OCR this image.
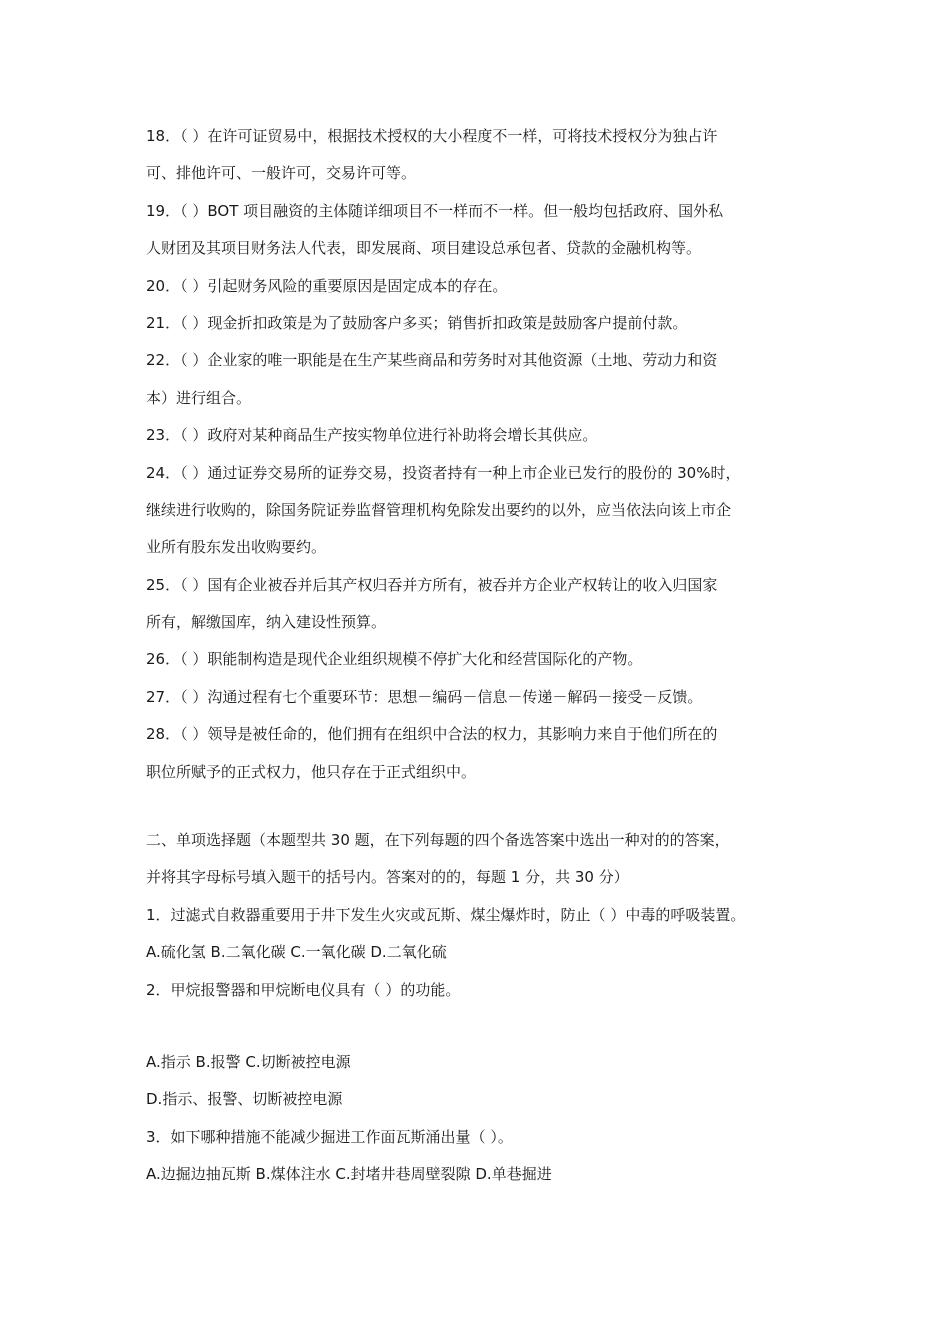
18．（ ）在许可证贸易中，根据技术授权的大小程度不一样，可将技术授权分为独占许
可、排他许可、一般许可，交易许可等。
19．（ ）BOT 项目融资的主体随详细项目不一样而不一样。但一般均包括政府、国外私
人财团及其项目财务法人代表，即发展商、项目建设总承包者、贷款的金融机构等。
20．（ ）引起财务风险的重要原因是固定成本的存在。
21．（ ）现金折扣政策是为了鼓励客户多买；销售折扣政策是鼓励客户提前付款。
22．（ ）企业家的唯一职能是在生产某些商品和劳务时对其他资源（土地、劳动力和资
本）进行组合。
23．（ ）政府对某种商品生产按实物单位进行补助将会增长其供应。
24．（ ）通过证券交易所的证券交易，投资者持有一种上市企业已发行的股份的 30%时，
继续进行收购的，除国务院证券监督管理机构免除发出要约的以外，应当依法向该上市企
业所有股东发出收购要约。
25．（ ）国有企业被吞并后其产权归吞并方所有，被吞并方企业产权转让的收入归国家
所有，解缴国库，纳入建设性预算。
26．（ ）职能制构造是现代企业组织规模不停扩大化和经营国际化的产物。
27．（ ）沟通过程有七个重要环节：思想－编码－信息－传递－解码－接受－反馈。
28．（ ）领导是被任命的，他们拥有在组织中合法的权力，其影响力来自于他们所在的
职位所赋予的正式权力，他只存在于正式组织中。
二、单项选择题（本题型共 30 题，在下列每题的四个备选答案中选出一种对的的答案，
并将其字母标号填入题干的括号内。答案对的的，每题 1 分，共 30 分）
1．过滤式自救器重要用于井下发生火灾或瓦斯、煤尘爆炸时，防止（ ）中毒的呼吸装置。
A.硫化氢 B.二氧化碳 C.一氧化碳 D.二氧化硫
2．甲烷报警器和甲烷断电仪具有（ ）的功能。
A.指示 B.报警 C.切断被控电源
D.指示、报警、切断被控电源
3．如下哪种措施不能减少掘进工作面瓦斯涌出量（ ）。
A.边掘边抽瓦斯 B.煤体注水 C.封堵井巷周壁裂隙 D.单巷掘进
